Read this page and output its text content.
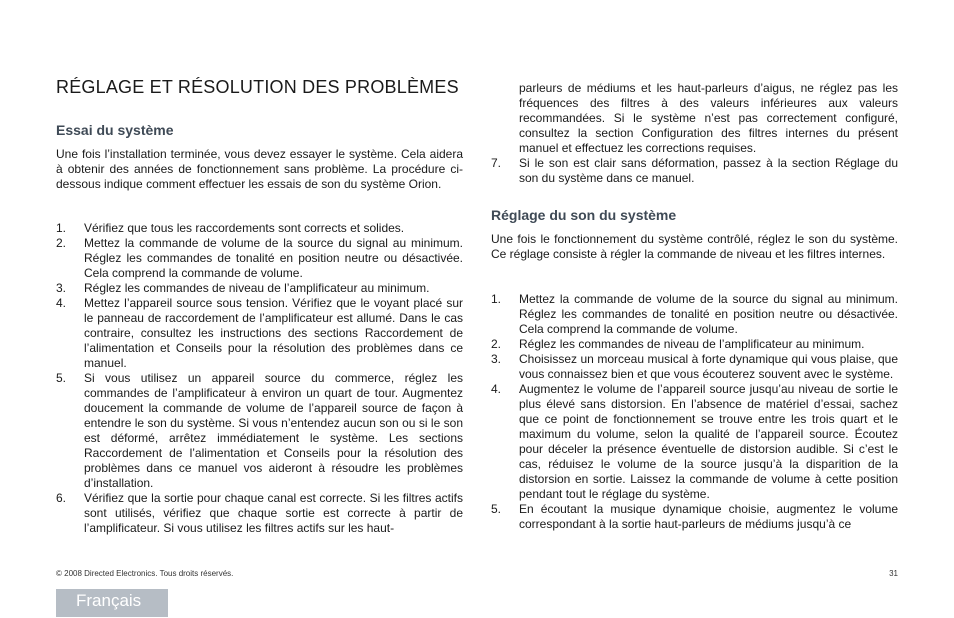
RÉGLAGE ET RÉSOLUTION DES PROBLÈMES
Essai du système

Une fois l’installation terminée, vous devez essayer le système. Cela aidera à obtenir des années de fonctionnement sans problème. La procédure ci-dessous indique comment effectuer les essais de son du système Orion.

1. Vérifiez que tous les raccordements sont corrects et solides.
2. Mettez la commande de volume de la source du signal au minimum. Réglez les commandes de tonalité en position neutre ou désactivée. Cela comprend la commande de volume.
3. Réglez les commandes de niveau de l’amplificateur au minimum.
4. Mettez l’appareil source sous tension. Vérifiez que le voyant placé sur le panneau de raccordement de l’amplificateur est allumé. Dans le cas contraire, consultez les instructions des sections Raccordement de l’alimentation et Conseils pour la résolution des problèmes dans ce manuel.
5. Si vous utilisez un appareil source du commerce, réglez les commandes de l’amplificateur à environ un quart de tour. Augmentez doucement la commande de volume de l’appareil source de façon à entendre le son du système. Si vous n’entendez aucun son ou si le son est déformé, arrêtez immédiatement le système. Les sections Raccordement de l’alimentation et Conseils pour la résolution des problèmes dans ce manuel vos aideront à résoudre les problèmes d’installation.
6. Vérifiez que la sortie pour chaque canal est correcte. Si les filtres actifs sont utilisés, vérifiez que chaque sortie est correcte à partir de l’amplificateur. Si vous utilisez les filtres actifs sur les haut-
© 2008 Directed Electronics. Tous droits réservés.

parleurs de médiums et les haut-parleurs d’aigus, ne réglez pas les fréquences des filtres à des valeurs inférieures aux valeurs recommandées. Si le système n’est pas correctement configuré, consultez la section Configuration des filtres internes du présent manuel et effectuez les corrections requises.

7. Si le son est clair sans déformation, passez à la section Réglage du son du système dans ce manuel.
Réglage du son du système

Une fois le fonctionnement du système contrôlé, réglez le son du système. Ce réglage consiste à régler la commande de niveau et les filtres internes.

1. Mettez la commande de volume de la source du signal au minimum. Réglez les commandes de tonalité en position neutre ou désactivée. Cela comprend la commande de volume.
2. Réglez les commandes de niveau de l’amplificateur au minimum.
3. Choisissez un morceau musical à forte dynamique qui vous plaise, que vous connaissez bien et que vous écouterez souvent avec le système.
4. Augmentez le volume de l’appareil source jusqu’au niveau de sortie le plus élevé sans distorsion. En l’absence de matériel d’essai, sachez que ce point de fonctionnement se trouve entre les trois quart et le maximum du volume, selon la qualité de l’appareil source. Écoutez pour déceler la présence éventuelle de distorsion audible. Si c’est le cas, réduisez le volume de la source jusqu’à la disparition de la distorsion en sortie. Laissez la commande de volume à cette position pendant tout le réglage du système.
5. En écoutant la musique dynamique choisie, augmentez le volume correspondant à la sortie haut-parleurs de médiums jusqu’à ce
31
Français
